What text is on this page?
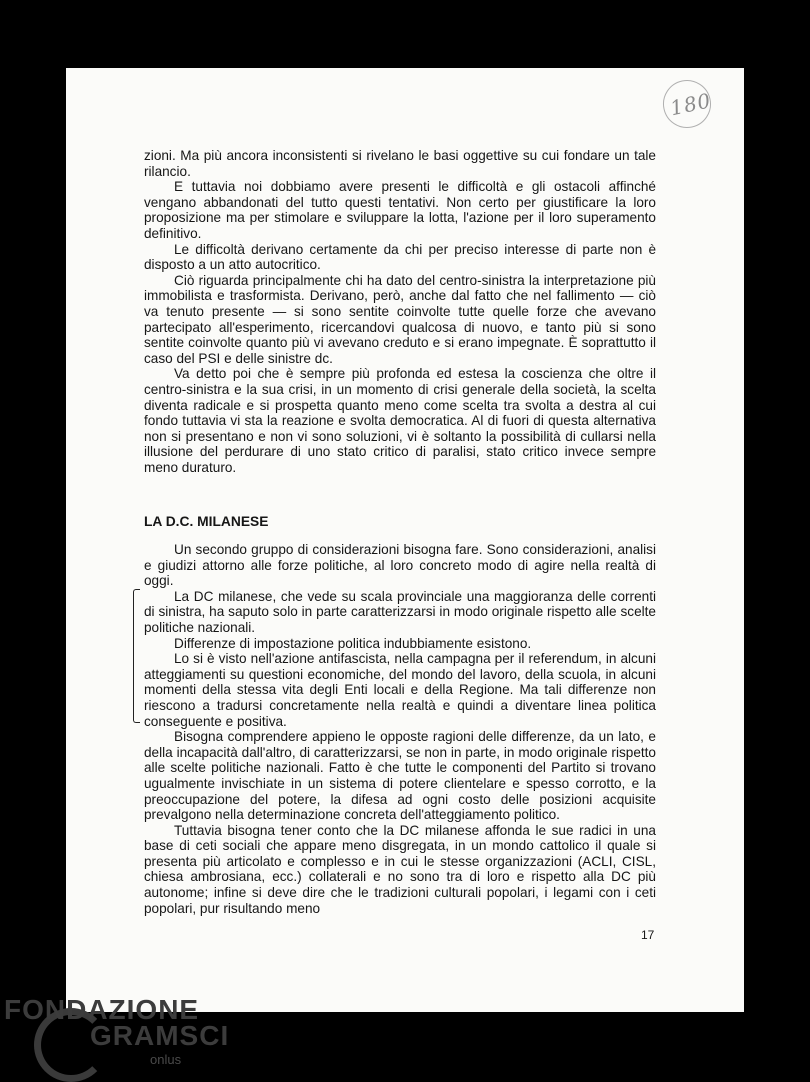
180

zioni. Ma più ancora inconsistenti si rivelano le basi oggettive su cui fondare un tale rilancio.

E tuttavia noi dobbiamo avere presenti le difficoltà e gli ostacoli affinché vengano abbandonati del tutto questi tentativi. Non certo per giustificare la loro proposizione ma per stimolare e sviluppare la lotta, l'azione per il loro superamento definitivo.

Le difficoltà derivano certamente da chi per preciso interesse di parte non è disposto a un atto autocritico.

Ciò riguarda principalmente chi ha dato del centro-sinistra la interpretazione più immobilista e trasformista. Derivano, però, anche dal fatto che nel fallimento — ciò va tenuto presente — si sono sentite coinvolte tutte quelle forze che avevano partecipato all'esperimento, ricercandovi qualcosa di nuovo, e tanto più si sono sentite coinvolte quanto più vi avevano creduto e si erano impegnate. È soprattutto il caso del PSI e delle sinistre dc.

Va detto poi che è sempre più profonda ed estesa la coscienza che oltre il centro-sinistra e la sua crisi, in un momento di crisi generale della società, la scelta diventa radicale e si prospetta quanto meno come scelta tra svolta a destra al cui fondo tuttavia vi sta la reazione e svolta democratica. Al di fuori di questa alternativa non si presentano e non vi sono soluzioni, vi è soltanto la possibilità di cullarsi nella illusione del perdurare di uno stato critico di paralisi, stato critico invece sempre meno duraturo.

LA D.C. MILANESE

Un secondo gruppo di considerazioni bisogna fare. Sono considerazioni, analisi e giudizi attorno alle forze politiche, al loro concreto modo di agire nella realtà di oggi.

La DC milanese, che vede su scala provinciale una maggioranza delle correnti di sinistra, ha saputo solo in parte caratterizzarsi in modo originale rispetto alle scelte politiche nazionali.

Differenze di impostazione politica indubbiamente esistono.

Lo si è visto nell'azione antifascista, nella campagna per il referendum, in alcuni atteggiamenti su questioni economiche, del mondo del lavoro, della scuola, in alcuni momenti della stessa vita degli Enti locali e della Regione. Ma tali differenze non riescono a tradursi concretamente nella realtà e quindi a diventare linea politica conseguente e positiva.

Bisogna comprendere appieno le opposte ragioni delle differenze, da un lato, e della incapacità dall'altro, di caratterizzarsi, se non in parte, in modo originale rispetto alle scelte politiche nazionali. Fatto è che tutte le componenti del Partito si trovano ugualmente invischiate in un sistema di potere clientelare e spesso corrotto, e la preoccupazione del potere, la difesa ad ogni costo delle posizioni acquisite prevalgono nella determinazione concreta dell'atteggiamento politico.

Tuttavia bisogna tener conto che la DC milanese affonda le sue radici in una base di ceti sociali che appare meno disgregata, in un mondo cattolico il quale si presenta più articolato e complesso e in cui le stesse organizzazioni (ACLI, CISL, chiesa ambrosiana, ecc.) collaterali e no sono tra di loro e rispetto alla DC più autonome; infine si deve dire che le tradizioni culturali popolari, i legami con i ceti popolari, pur risultando meno

17
FONDAZIONE
GRAMSCI
onlus
